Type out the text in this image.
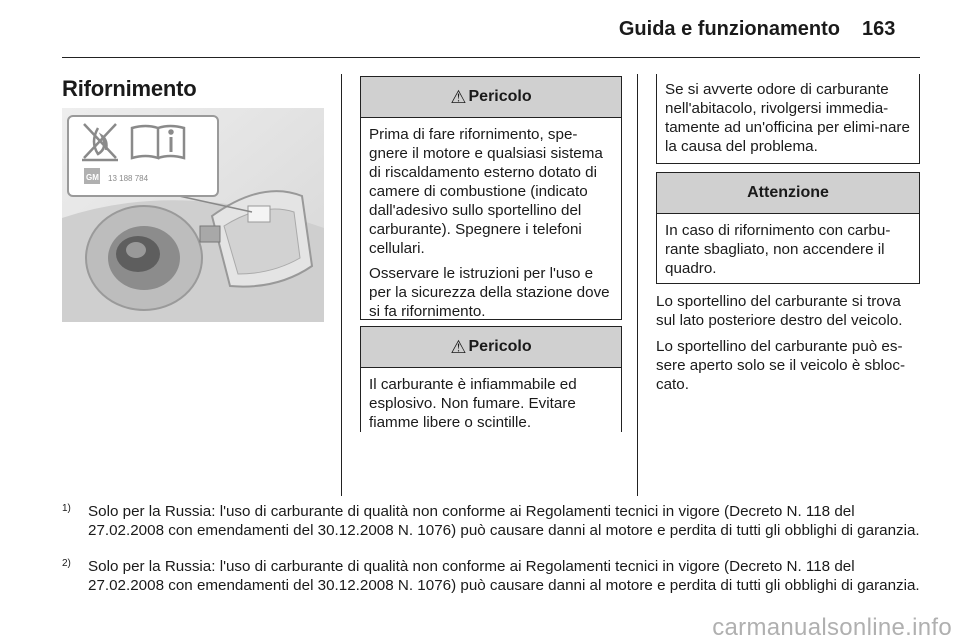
Guida e funzionamento 163
Rifornimento
GM 13 188 784
⚠ Pericolo

Prima di fare rifornimento, spe-gnere il motore e qualsiasi sistema di riscaldamento esterno dotato di camere di combustione (indicato dall'adesivo sullo sportellino del carburante). Spegnere i telefoni cellulari.

Osservare le istruzioni per l'uso e per la sicurezza della stazione dove si fa rifornimento.

⚠ Pericolo

Il carburante è infiammabile ed esplosivo. Non fumare. Evitare fiamme libere o scintille.

Se si avverte odore di carburante nell'abitacolo, rivolgersi immedia-tamente ad un'officina per elimi-nare la causa del problema.

Attenzione

In caso di rifornimento con carbu-rante sbagliato, non accendere il quadro.

Lo sportellino del carburante si trova sul lato posteriore destro del veicolo.

Lo sportellino del carburante può es-sere aperto solo se il veicolo è sbloc-cato.

1) Solo per la Russia: l'uso di carburante di qualità non conforme ai Regolamenti tecnici in vigore (Decreto N. 118 del 27.02.2008 con emendamenti del 30.12.2008 N. 1076) può causare danni al motore e perdita di tutti gli obblighi di garanzia.
2) Solo per la Russia: l'uso di carburante di qualità non conforme ai Regolamenti tecnici in vigore (Decreto N. 118 del 27.02.2008 con emendamenti del 30.12.2008 N. 1076) può causare danni al motore e perdita di tutti gli obblighi di garanzia.
carmanualsonline.info
